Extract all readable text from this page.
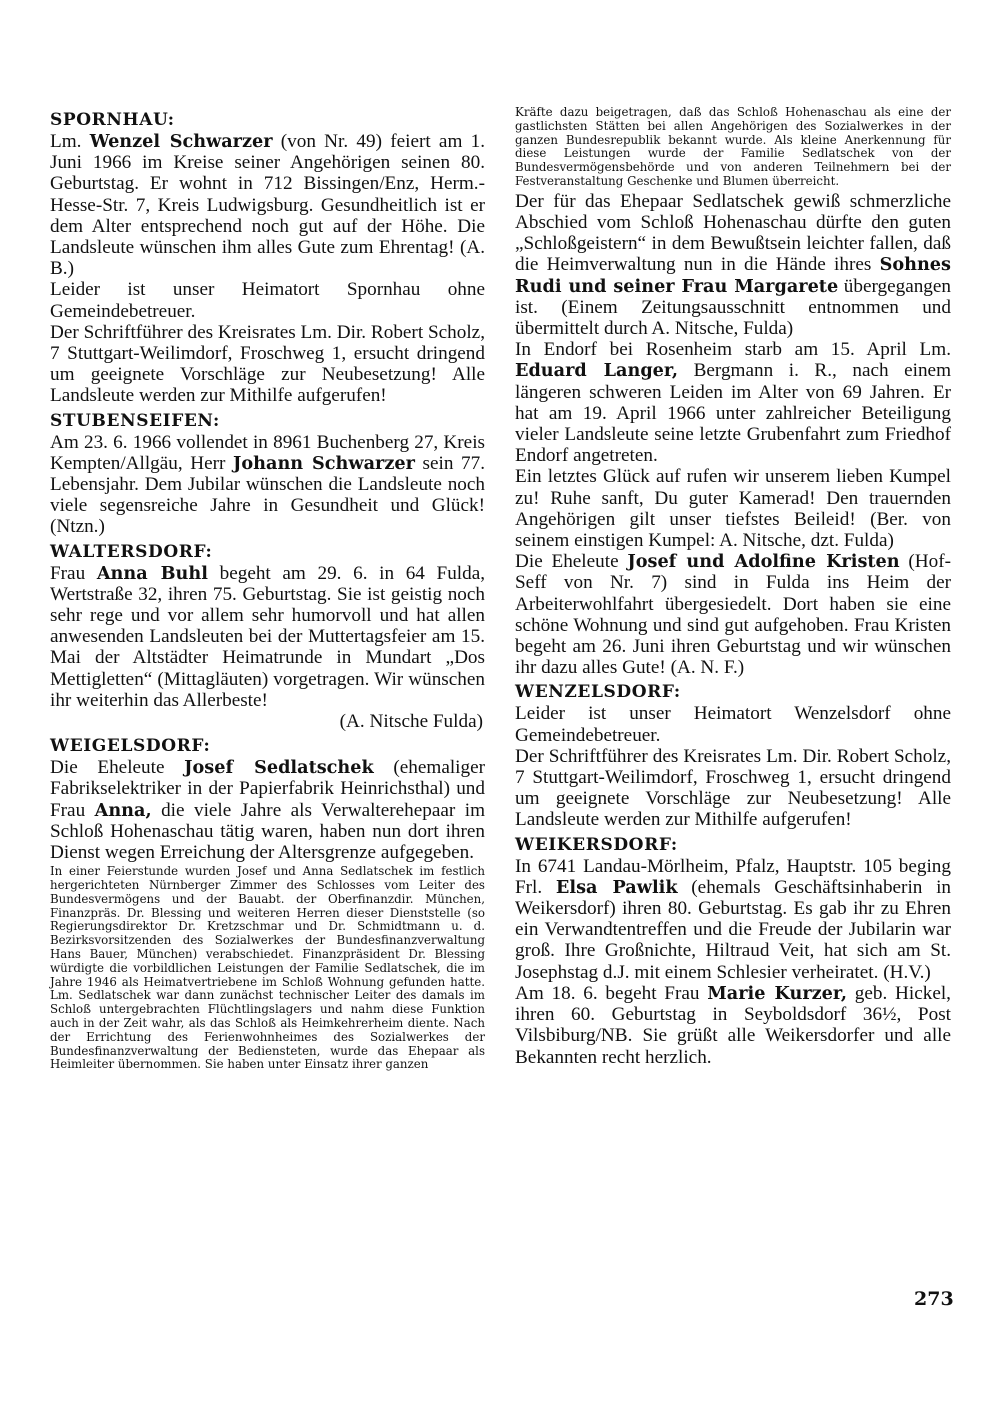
SPORNHAU:

Lm. Wenzel Schwarzer (von Nr. 49) feiert am 1. Juni 1966 im Kreise seiner Angehörigen seinen 80. Geburtstag. Er wohnt in 712 Bissingen/Enz, Herm.-Hesse-Str. 7, Kreis Ludwigsburg. Gesundheitlich ist er dem Alter entsprechend noch gut auf der Höhe. Die Landsleute wünschen ihm alles Gute zum Ehrentag! (A. B.)

Leider ist unser Heimatort Spornhau ohne Gemeindebetreuer.

Der Schriftführer des Kreisrates Lm. Dir. Robert Scholz, 7 Stuttgart-Weilimdorf, Froschweg 1, ersucht dringend um geeignete Vorschläge zur Neubesetzung! Alle Landsleute werden zur Mithilfe aufgerufen!

STUBENSEIFEN:

Am 23. 6. 1966 vollendet in 8961 Buchenberg 27, Kreis Kempten/Allgäu, Herr Johann Schwarzer sein 77. Lebensjahr. Dem Jubilar wünschen die Landsleute noch viele segensreiche Jahre in Gesundheit und Glück! (Ntzn.)

WALTERSDORF:

Frau Anna Buhl begeht am 29. 6. in 64 Fulda, Wertstraße 32, ihren 75. Geburtstag. Sie ist geistig noch sehr rege und vor allem sehr humorvoll und hat allen anwesenden Landsleuten bei der Muttertagsfeier am 15. Mai der Altstädter Heimatrunde in Mundart „Dos Mettigletten“ (Mittagläuten) vorgetragen. Wir wünschen ihr weiterhin das Allerbeste!

(A. Nitsche Fulda)

WEIGELSDORF:

Die Eheleute Josef Sedlatschek (ehemaliger Fabrikselektriker in der Papierfabrik Heinrichsthal) und Frau Anna, die viele Jahre als Verwalterehepaar im Schloß Hohenaschau tätig waren, haben nun dort ihren Dienst wegen Erreichung der Altersgrenze aufgegeben.

In einer Feierstunde wurden Josef und Anna Sedlatschek im festlich hergerichteten Nürnberger Zimmer des Schlosses vom Leiter des Bundesvermögens und der Bauabt. der Oberfinanzdir. München, Finanzpräs. Dr. Blessing und weiteren Herren dieser Dienststelle (so Regierungsdirektor Dr. Kretzschmar und Dr. Schmidtmann u. d. Bezirksvorsitzenden des Sozialwerkes der Bundesfinanzverwaltung Hans Bauer, München) verabschiedet. Finanzpräsident Dr. Blessing würdigte die vorbildlichen Leistungen der Familie Sedlatschek, die im Jahre 1946 als Heimatvertriebene im Schloß Wohnung gefunden hatte. Lm. Sedlatschek war dann zunächst technischer Leiter des damals im Schloß untergebrachten Flüchtlingslagers und nahm diese Funktion auch in der Zeit wahr, als das Schloß als Heimkehrerheim diente. Nach der Errichtung des Ferienwohnheimes des Sozialwerkes der Bundesfinanzverwaltung der Bediensteten, wurde das Ehepaar als Heimleiter übernommen. Sie haben unter Einsatz ihrer ganzen

Kräfte dazu beigetragen, daß das Schloß Hohenaschau als eine der gastlichsten Stätten bei allen Angehörigen des Sozialwerkes in der ganzen Bundesrepublik bekannt wurde. Als kleine Anerkennung für diese Leistungen wurde der Familie Sedlatschek von der Bundesvermögensbehörde und von anderen Teilnehmern bei der Festveranstaltung Geschenke und Blumen überreicht.

Der für das Ehepaar Sedlatschek gewiß schmerzliche Abschied vom Schloß Hohenaschau dürfte den guten „Schloßgeistern“ in dem Bewußtsein leichter fallen, daß die Heimverwaltung nun in die Hände ihres Sohnes Rudi und seiner Frau Margarete übergegangen ist. (Einem Zeitungsausschnitt entnommen und übermittelt durch A. Nitsche, Fulda)

In Endorf bei Rosenheim starb am 15. April Lm. Eduard Langer, Bergmann i. R., nach einem längeren schweren Leiden im Alter von 69 Jahren. Er hat am 19. April 1966 unter zahlreicher Beteiligung vieler Landsleute seine letzte Grubenfahrt zum Friedhof Endorf angetreten.

Ein letztes Glück auf rufen wir unserem lieben Kumpel zu! Ruhe sanft, Du guter Kamerad! Den trauernden Angehörigen gilt unser tiefstes Beileid! (Ber. von seinem einstigen Kumpel: A. Nitsche, dzt. Fulda)

Die Eheleute Josef und Adolfine Kristen (Hof-Seff von Nr. 7) sind in Fulda ins Heim der Arbeiterwohlfahrt übergesiedelt. Dort haben sie eine schöne Wohnung und sind gut aufgehoben. Frau Kristen begeht am 26. Juni ihren Geburtstag und wir wünschen ihr dazu alles Gute! (A. N. F.)

WENZELSDORF:

Leider ist unser Heimatort Wenzelsdorf ohne Gemeindebetreuer.

Der Schriftführer des Kreisrates Lm. Dir. Robert Scholz, 7 Stuttgart-Weilimdorf, Froschweg 1, ersucht dringend um geeignete Vorschläge zur Neubesetzung! Alle Landsleute werden zur Mithilfe aufgerufen!

WEIKERSDORF:

In 6741 Landau-Mörlheim, Pfalz, Hauptstr. 105 beging Frl. Elsa Pawlik (ehemals Geschäftsinhaberin in Weikersdorf) ihren 80. Geburtstag. Es gab ihr zu Ehren ein Verwandtentreffen und die Freude der Jubilarin war groß. Ihre Großnichte, Hiltraud Veit, hat sich am St. Josephstag d.J. mit einem Schlesier verheiratet. (H.V.)

Am 18. 6. begeht Frau Marie Kurzer, geb. Hickel, ihren 60. Geburtstag in Seyboldsdorf 36½, Post Vilsbiburg/NB. Sie grüßt alle Weikersdorfer und alle Bekannten recht herzlich.

273
